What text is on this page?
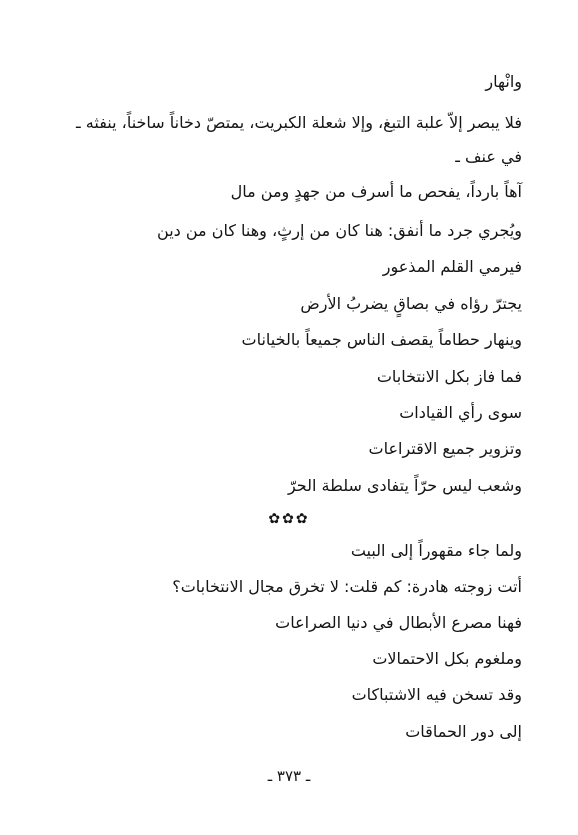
وانْهار
فلا يبصر إلاّ علبة التبغ، وإلا شعلة الكبريت، يمتصّ دخاناً ساخناً، ينفثه ـ
في عنف ـ
آهاً بارداً، يفحص ما أسرف من جهدٍ ومن مال
ويُجري جرد ما أنفق: هنا كان من إرثٍ، وهنا كان من دين
فيرمي القلم المذعور
يجترّ رؤاه في بصاقٍ يضربُ الأرض
وينهار حطاماً يقصف الناس جميعاً بالخيانات
فما فاز بكل الانتخابات
سوى رأي القيادات
وتزوير جميع الاقتراعات
وشعب ليس حرّاً يتفادى سلطة الحرّ
✿✿✿
ولما جاء مقهوراً إلى البيت
أتت زوجته هادرة: كم قلت: لا تخرق مجال الانتخابات؟
فهنا مصرع الأبطال في دنيا الصراعات
وملغوم بكل الاحتمالات
وقد تسخن فيه الاشتباكات
إلى دور الحماقات
ـ ٣٧٣ ـ
